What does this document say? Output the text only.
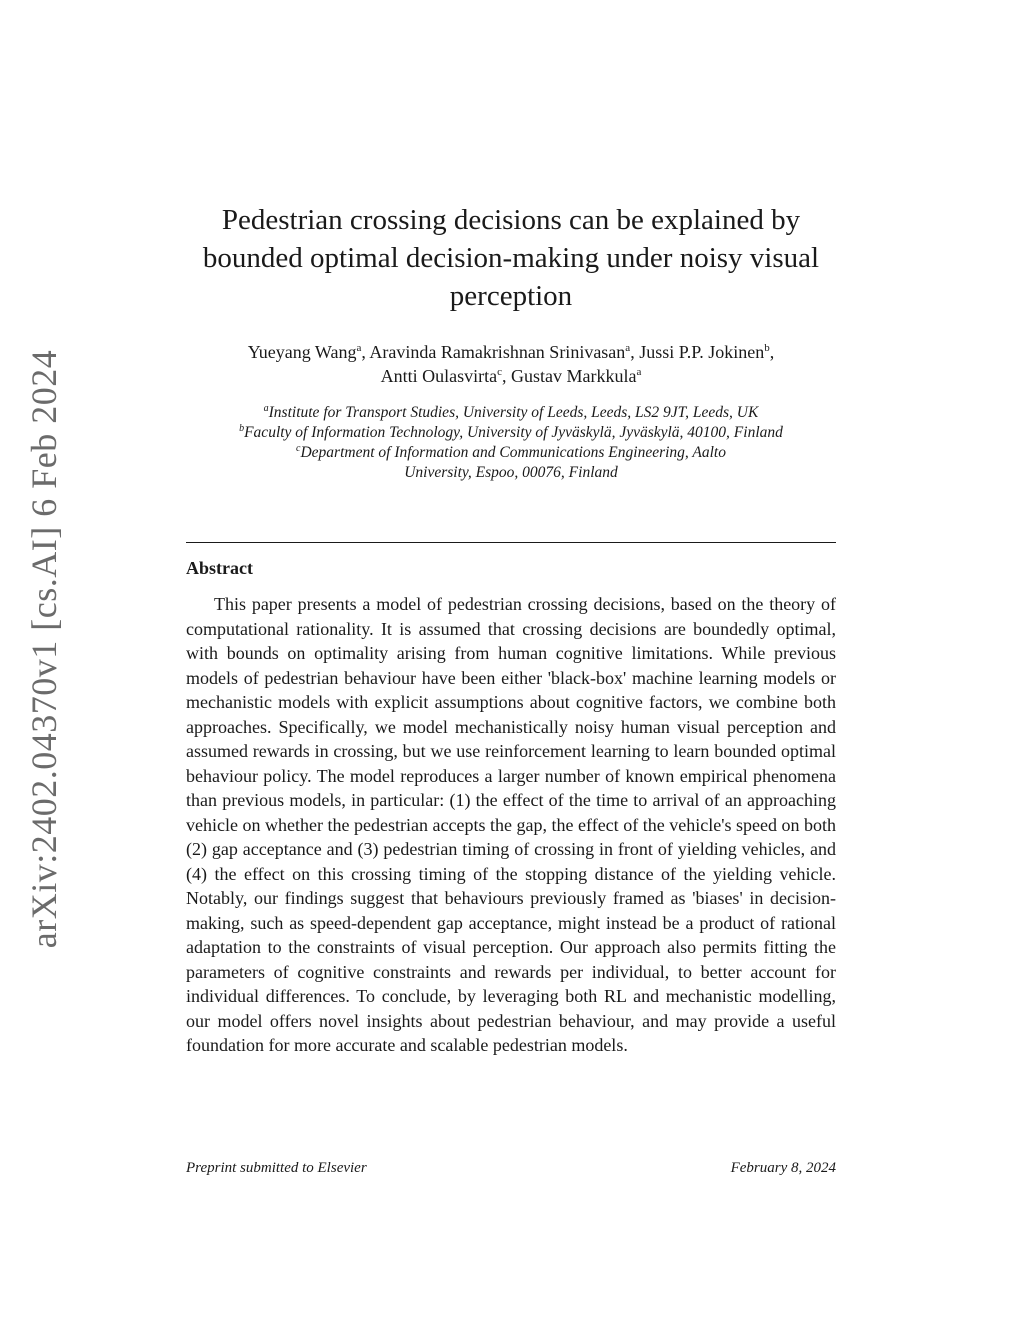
arXiv:2402.04370v1 [cs.AI] 6 Feb 2024
Pedestrian crossing decisions can be explained by
bounded optimal decision-making under noisy visual
perception
Yueyang Wang$^a$, Aravinda Ramakrishnan Srinivasan$^a$, Jussi P.P. Jokinen$^b$,
Antti Oulasvirta$^c$, Gustav Markkula$^a$
$^a$Institute for Transport Studies, University of Leeds, Leeds, LS2 9JT, Leeds, UK
$^b$Faculty of Information Technology, University of Jyväskylä, Jyväskylä, 40100, Finland
$^c$Department of Information and Communications Engineering, Aalto
University, Espoo, 00076, Finland
Abstract

This paper presents a model of pedestrian crossing decisions, based on the theory of computational rationality. It is assumed that crossing decisions are boundedly optimal, with bounds on optimality arising from human cognitive limitations. While previous models of pedestrian behaviour have been either 'black-box' machine learning models or mechanistic models with explicit assumptions about cognitive factors, we combine both approaches. Specifically, we model mechanistically noisy human visual perception and assumed rewards in crossing, but we use reinforcement learning to learn bounded optimal behaviour policy. The model reproduces a larger number of known empirical phenomena than previous models, in particular: (1) the effect of the time to arrival of an approaching vehicle on whether the pedestrian accepts the gap, the effect of the vehicle's speed on both (2) gap acceptance and (3) pedestrian timing of crossing in front of yielding vehicles, and (4) the effect on this crossing timing of the stopping distance of the yielding vehicle. Notably, our findings suggest that behaviours previously framed as 'biases' in decision-making, such as speed-dependent gap acceptance, might instead be a product of rational adaptation to the constraints of visual perception. Our approach also permits fitting the parameters of cognitive constraints and rewards per individual, to better account for individual differences. To conclude, by leveraging both RL and mechanistic modelling, our model offers novel insights about pedestrian behaviour, and may provide a useful foundation for more accurate and scalable pedestrian models.

Preprint submitted to Elsevier	February 8, 2024
